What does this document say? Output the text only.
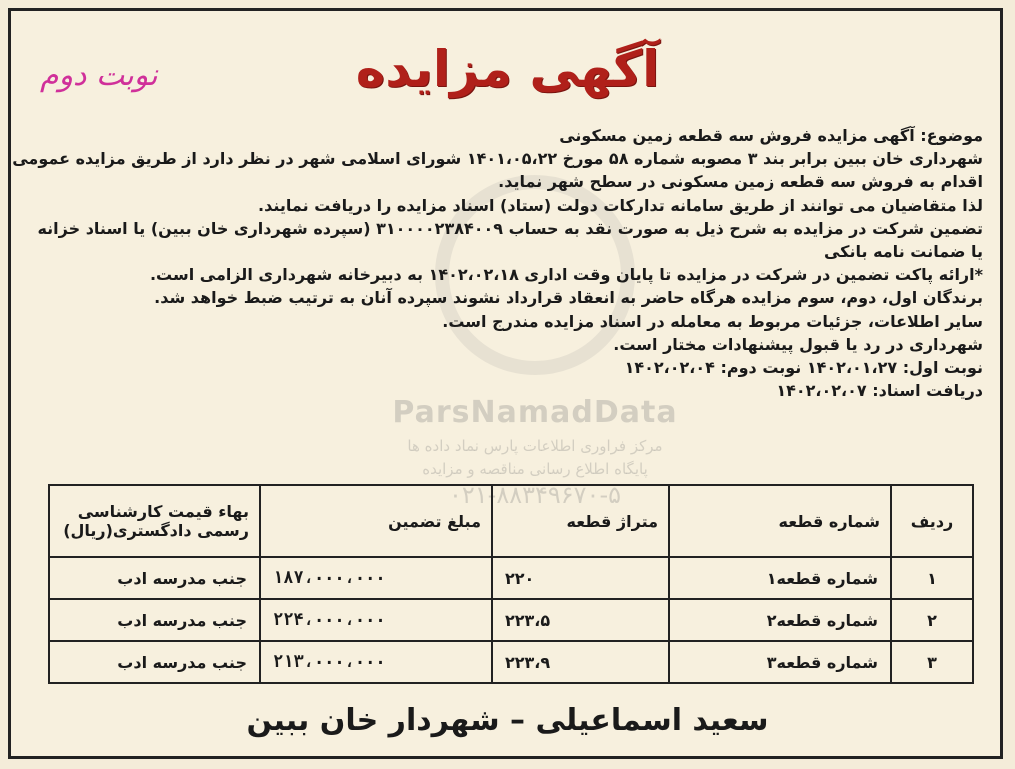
ParsNamadData
مرکز فراوری اطلاعات پارس نماد داده ها
پایگاه اطلاع رسانی مناقصه و مزایده
۰۲۱-۸۸۳۴۹۶۷۰-۵
آگهی مزایده
نوبت دوم

موضوع: آگهی مزایده فروش سه قطعه زمین مسکونی

شهرداری خان ببین برابر بند ۳ مصوبه شماره ۵۸ مورخ ۱۴۰۱،۰۵،۲۲ شورای اسلامی شهر در نظر دارد از طریق مزایده عمومی

اقدام به فروش سه قطعه زمین مسکونی در سطح شهر نماید.

لذا متقاضیان می توانند از طریق سامانه تدارکات دولت (ستاد) اسناد مزایده را دریافت نمایند.

تضمین شرکت در مزایده به شرح ذیل به صورت نقد به حساب ۳۱۰۰۰۰۲۳۸۴۰۰۹ (سپرده شهرداری خان ببین) یا اسناد خزانه

یا ضمانت نامه بانکی

*ارائه پاکت تضمین در شرکت در مزایده تا پایان وقت اداری ۱۴۰۲،۰۲،۱۸ به دبیرخانه شهرداری الزامی است.

برندگان اول، دوم، سوم مزایده هرگاه حاضر به انعقاد قرارداد نشوند سپرده آنان به ترتیب ضبط خواهد شد.

سایر اطلاعات، جزئیات مربوط به معامله در اسناد مزایده مندرج است.

شهرداری در رد یا قبول پیشنهادات مختار است.

نوبت اول: ۱۴۰۲،۰۱،۲۷ نوبت دوم: ۱۴۰۲،۰۲،۰۴

دریافت اسناد: ۱۴۰۲،۰۲،۰۷

ردیف	شماره قطعه	متراژ قطعه	مبلغ تضمین	بهاء قیمت کارشناسی رسمی دادگستری(ریال)
۱	شماره قطعه۱	۲۲۰	۱۸۷،۰۰۰،۰۰۰	جنب مدرسه ادب
۲	شماره قطعه۲	۲۲۳،۵	۲۲۴،۰۰۰،۰۰۰	جنب مدرسه ادب
۳	شماره قطعه۳	۲۲۳،۹	۲۱۳،۰۰۰،۰۰۰	جنب مدرسه ادب
سعید اسماعیلی – شهردار خان ببین
